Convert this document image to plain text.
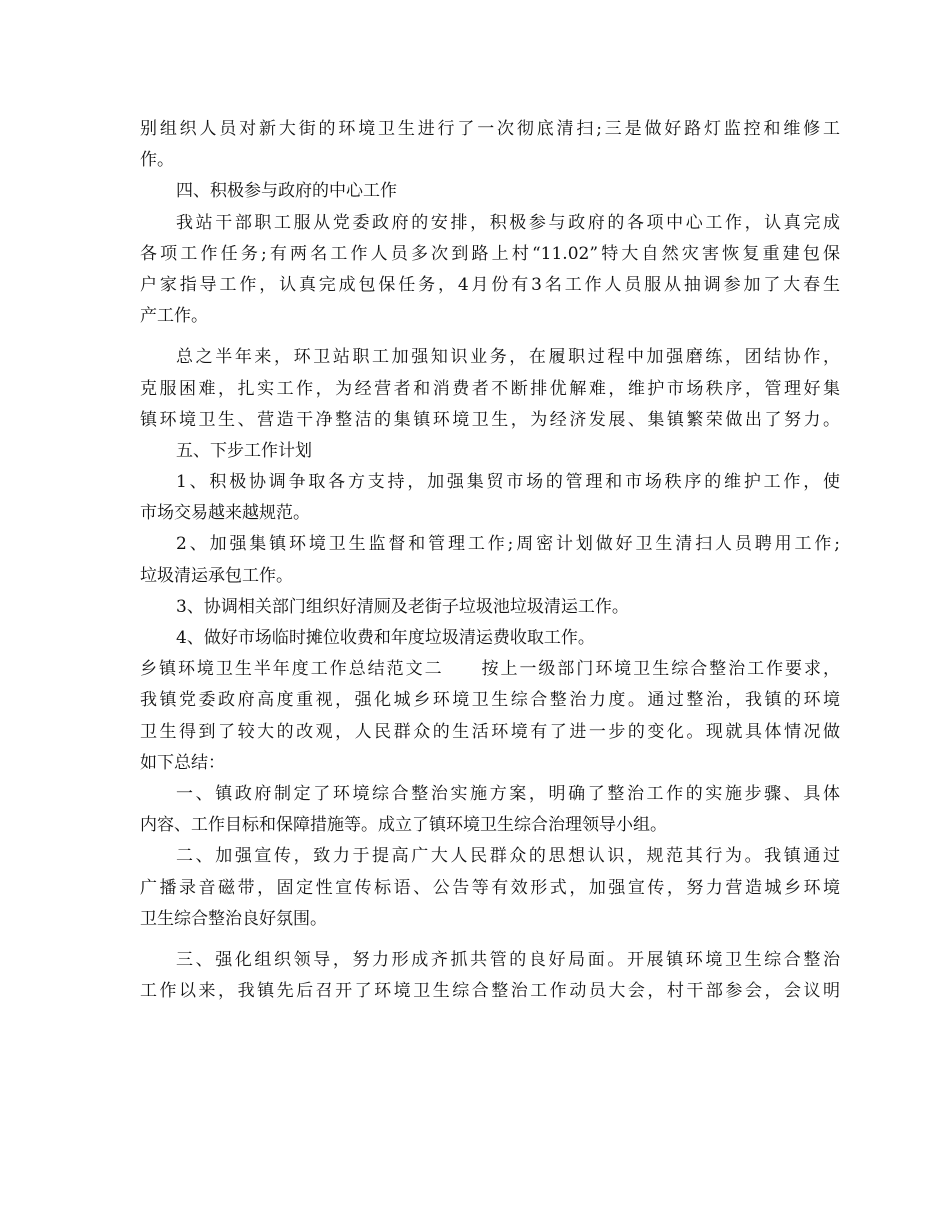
别组织人员对新大街的环境卫生进行了一次彻底清扫;三是做好路灯监控和维修工
作。
四、积极参与政府的中心工作
我站干部职工服从党委政府的安排，积极参与政府的各项中心工作，认真完成
各项工作任务;有两名工作人员多次到路上村“11.02”特大自然灾害恢复重建包保
户家指导工作，认真完成包保任务，4月份有3名工作人员服从抽调参加了大春生
产工作。
总之半年来，环卫站职工加强知识业务，在履职过程中加强磨练，团结协作，
克服困难，扎实工作，为经营者和消费者不断排优解难，维护市场秩序，管理好集
镇环境卫生、营造干净整洁的集镇环境卫生，为经济发展、集镇繁荣做出了努力。
五、下步工作计划
1、积极协调争取各方支持，加强集贸市场的管理和市场秩序的维护工作，使
市场交易越来越规范。
2、加强集镇环境卫生监督和管理工作;周密计划做好卫生清扫人员聘用工作;
垃圾清运承包工作。
3、协调相关部门组织好清厕及老街子垃圾池垃圾清运工作。
4、做好市场临时摊位收费和年度垃圾清运费收取工作。
乡镇环境卫生半年度工作总结范文二　　按上一级部门环境卫生综合整治工作要求，
我镇党委政府高度重视，强化城乡环境卫生综合整治力度。通过整治，我镇的环境
卫生得到了较大的改观，人民群众的生活环境有了进一步的变化。现就具体情况做
如下总结：
一、镇政府制定了环境综合整治实施方案，明确了整治工作的实施步骤、具体
内容、工作目标和保障措施等。成立了镇环境卫生综合治理领导小组。
二、加强宣传，致力于提高广大人民群众的思想认识，规范其行为。我镇通过
广播录音磁带，固定性宣传标语、公告等有效形式，加强宣传，努力营造城乡环境
卫生综合整治良好氛围。
三、强化组织领导，努力形成齐抓共管的良好局面。开展镇环境卫生综合整治
工作以来，我镇先后召开了环境卫生综合整治工作动员大会，村干部参会，会议明
